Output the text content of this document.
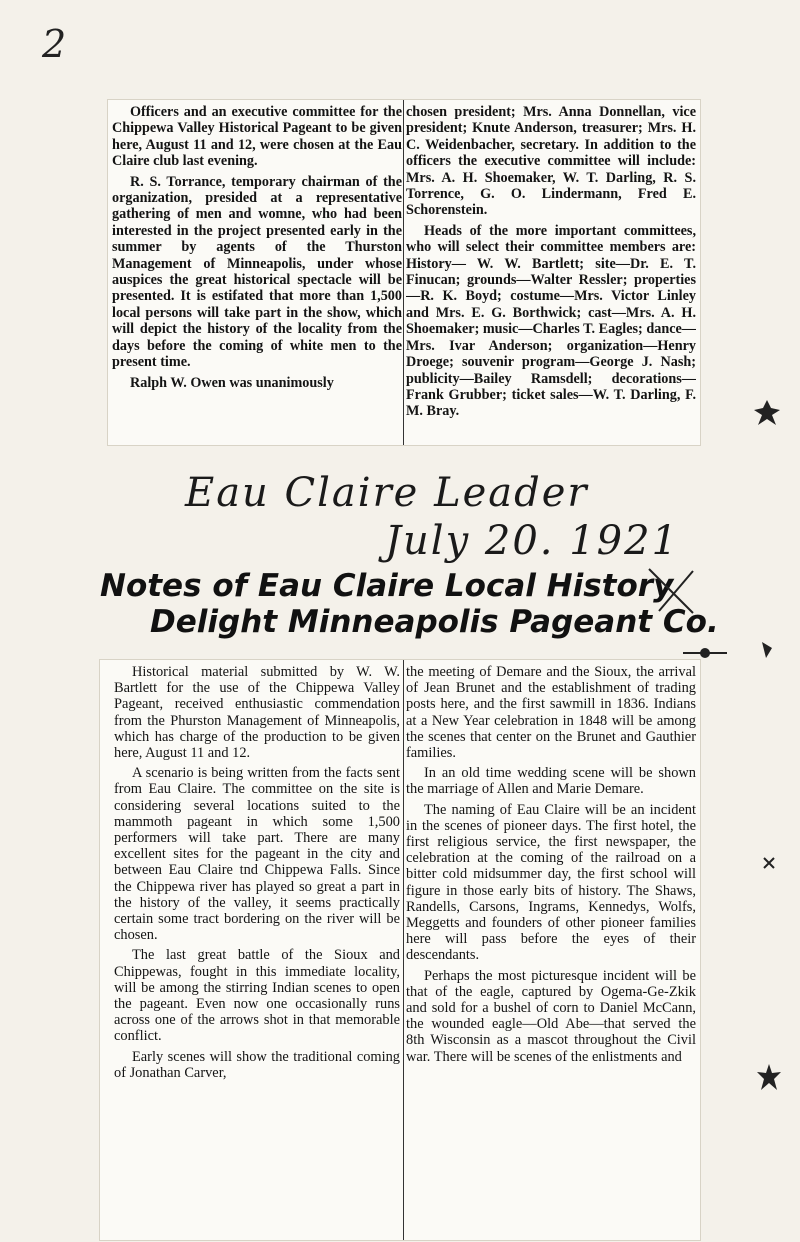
2

Officers and an executive committee for the Chippewa Valley Historical Pageant to be given here, August 11 and 12, were chosen at the Eau Claire club last evening.

R. S. Torrance, temporary chairman of the organization, presided at a representative gathering of men and womne, who had been interested in the project presented early in the summer by agents of the Thurston Management of Minneapolis, under whose auspices the great historical spectacle will be presented. It is estifated that more than 1,500 local persons will take part in the show, which will depict the history of the locality from the days before the coming of white men to the present time.

Ralph W. Owen was unanimously

chosen president; Mrs. Anna Donnellan, vice president; Knute Anderson, treasurer; Mrs. H. C. Weidenbacher, secretary. In addition to the officers the executive committee will include: Mrs. A. H. Shoemaker, W. T. Darling, R. S. Torrence, G. O. Lindermann, Fred E. Schorenstein.

Heads of the more important committees, who will select their committee members are: History— W. W. Bartlett; site—Dr. E. T. Finucan; grounds—Walter Ressler; properties—R. K. Boyd; costume—Mrs. Victor Linley and Mrs. E. G. Borthwick; cast—Mrs. A. H. Shoemaker; music—Charles T. Eagles; dance—Mrs. Ivar Anderson; organization—Henry Droege; souvenir program—George J. Nash; publicity—Bailey Ramsdell; decorations—Frank Grubber; ticket sales—W. T. Darling, F. M. Bray.

Eau Claire Leader
July 20. 1921
Notes of Eau Claire Local History
Delight Minneapolis Pageant Co.

Historical material submitted by W. W. Bartlett for the use of the Chippewa Valley Pageant, received enthusiastic commendation from the Phurston Management of Minneapolis, which has charge of the production to be given here, August 11 and 12.

A scenario is being written from the facts sent from Eau Claire. The committee on the site is considering several locations suited to the mammoth pageant in which some 1,500 performers will take part. There are many excellent sites for the pageant in the city and between Eau Claire tnd Chippewa Falls. Since the Chippewa river has played so great a part in the history of the valley, it seems practically certain some tract bordering on the river will be chosen.

The last great battle of the Sioux and Chippewas, fought in this immediate locality, will be among the stirring Indian scenes to open the pageant. Even now one occasionally runs across one of the arrows shot in that memorable conflict.

Early scenes will show the traditional coming of Jonathan Carver,

the meeting of Demare and the Sioux, the arrival of Jean Brunet and the establishment of trading posts here, and the first sawmill in 1836. Indians at a New Year celebration in 1848 will be among the scenes that center on the Brunet and Gauthier families.

In an old time wedding scene will be shown the marriage of Allen and Marie Demare.

The naming of Eau Claire will be an incident in the scenes of pioneer days. The first hotel, the first religious service, the first newspaper, the celebration at the coming of the railroad on a bitter cold midsummer day, the first school will figure in those early bits of history. The Shaws, Randells, Carsons, Ingrams, Kennedys, Wolfs, Meggetts and founders of other pioneer families here will pass before the eyes of their descendants.

Perhaps the most picturesque incident will be that of the eagle, captured by Ogema-Ge-Zkik and sold for a bushel of corn to Daniel McCann, the wounded eagle—Old Abe—that served the 8th Wisconsin as a mascot throughout the Civil war. There will be scenes of the enlistments and
